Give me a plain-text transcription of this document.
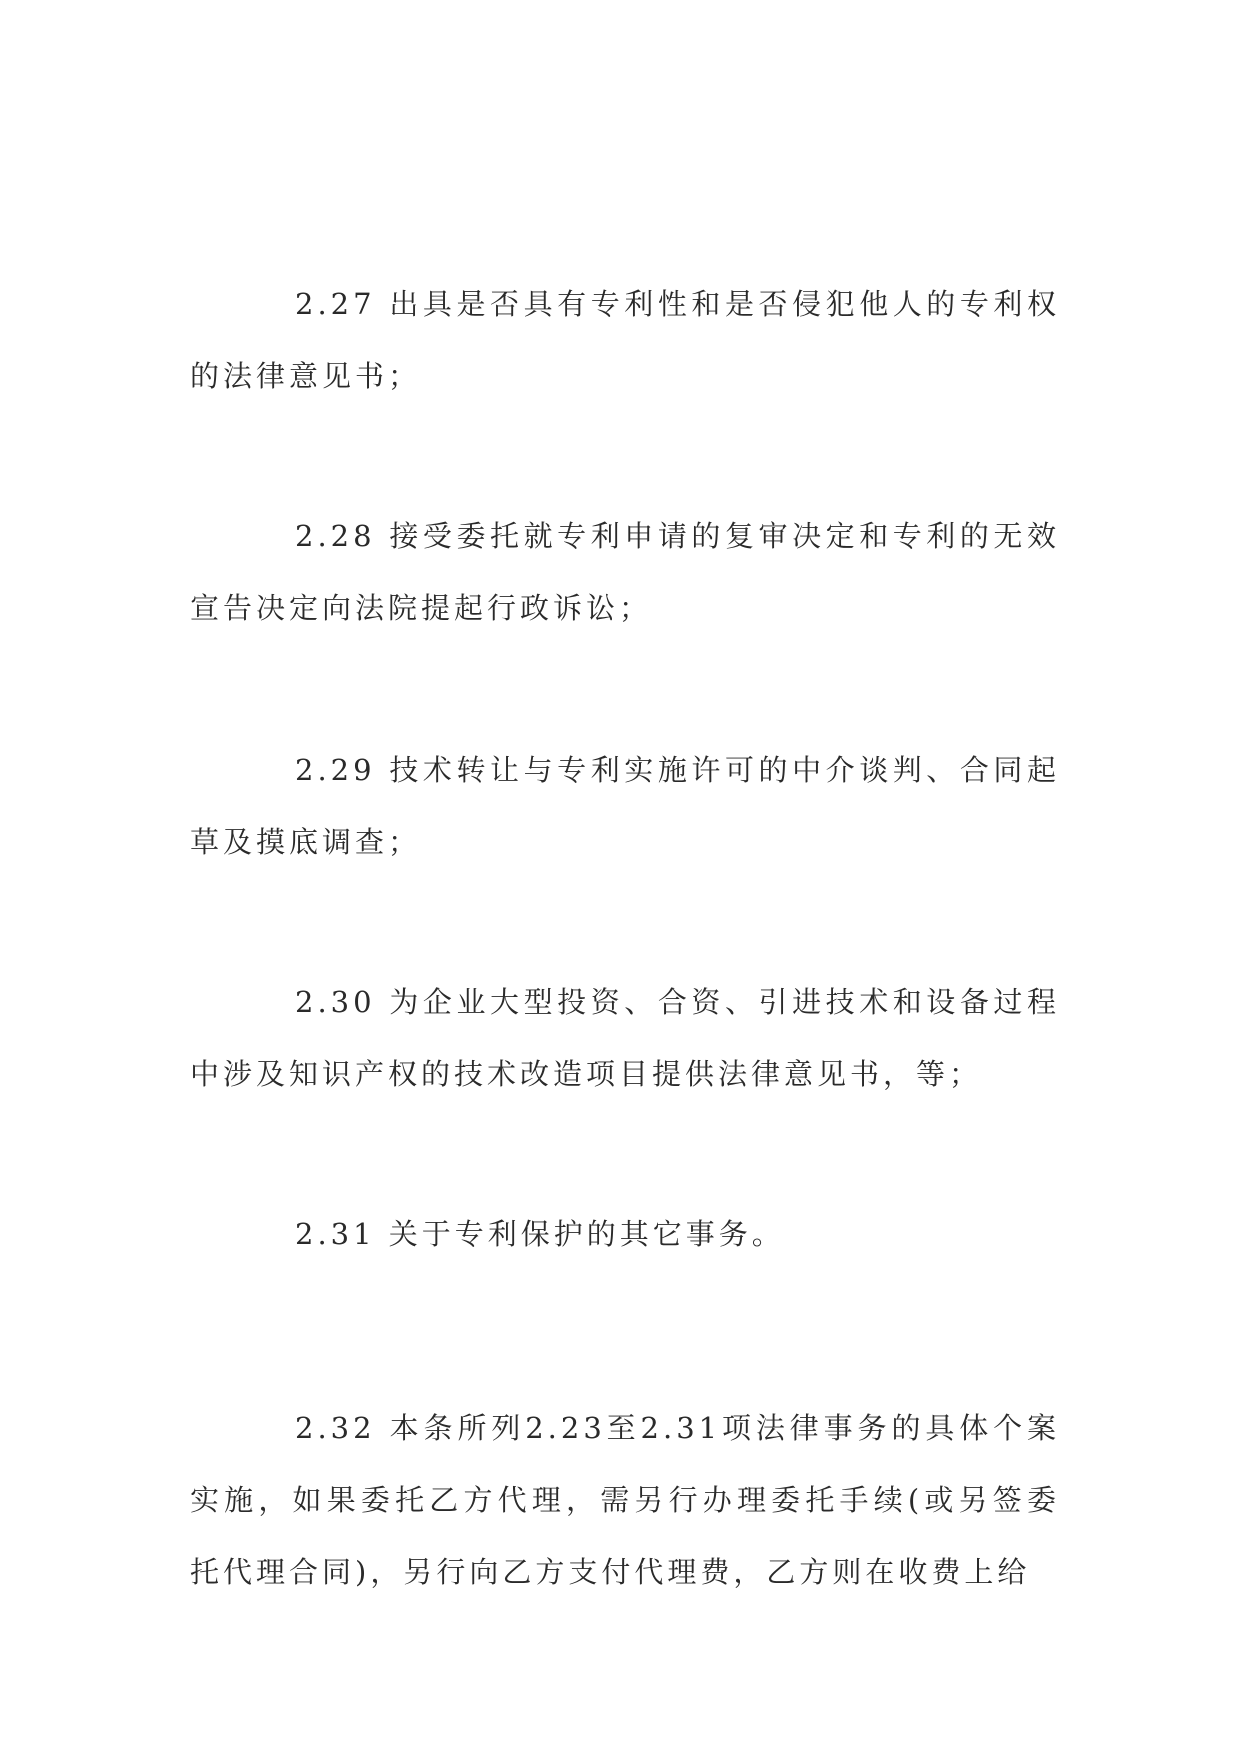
2.27 出具是否具有专利性和是否侵犯他人的专利权的法律意见书；

2.28 接受委托就专利申请的复审决定和专利的无效宣告决定向法院提起行政诉讼；

2.29 技术转让与专利实施许可的中介谈判、合同起草及摸底调查；

2.30 为企业大型投资、合资、引进技术和设备过程中涉及知识产权的技术改造项目提供法律意见书，等；

2.31 关于专利保护的其它事务。

2.32 本条所列2.23至2.31项法律事务的具体个案实施，如果委托乙方代理，需另行办理委托手续(或另签委托代理合同)，另行向乙方支付代理费，乙方则在收费上给
